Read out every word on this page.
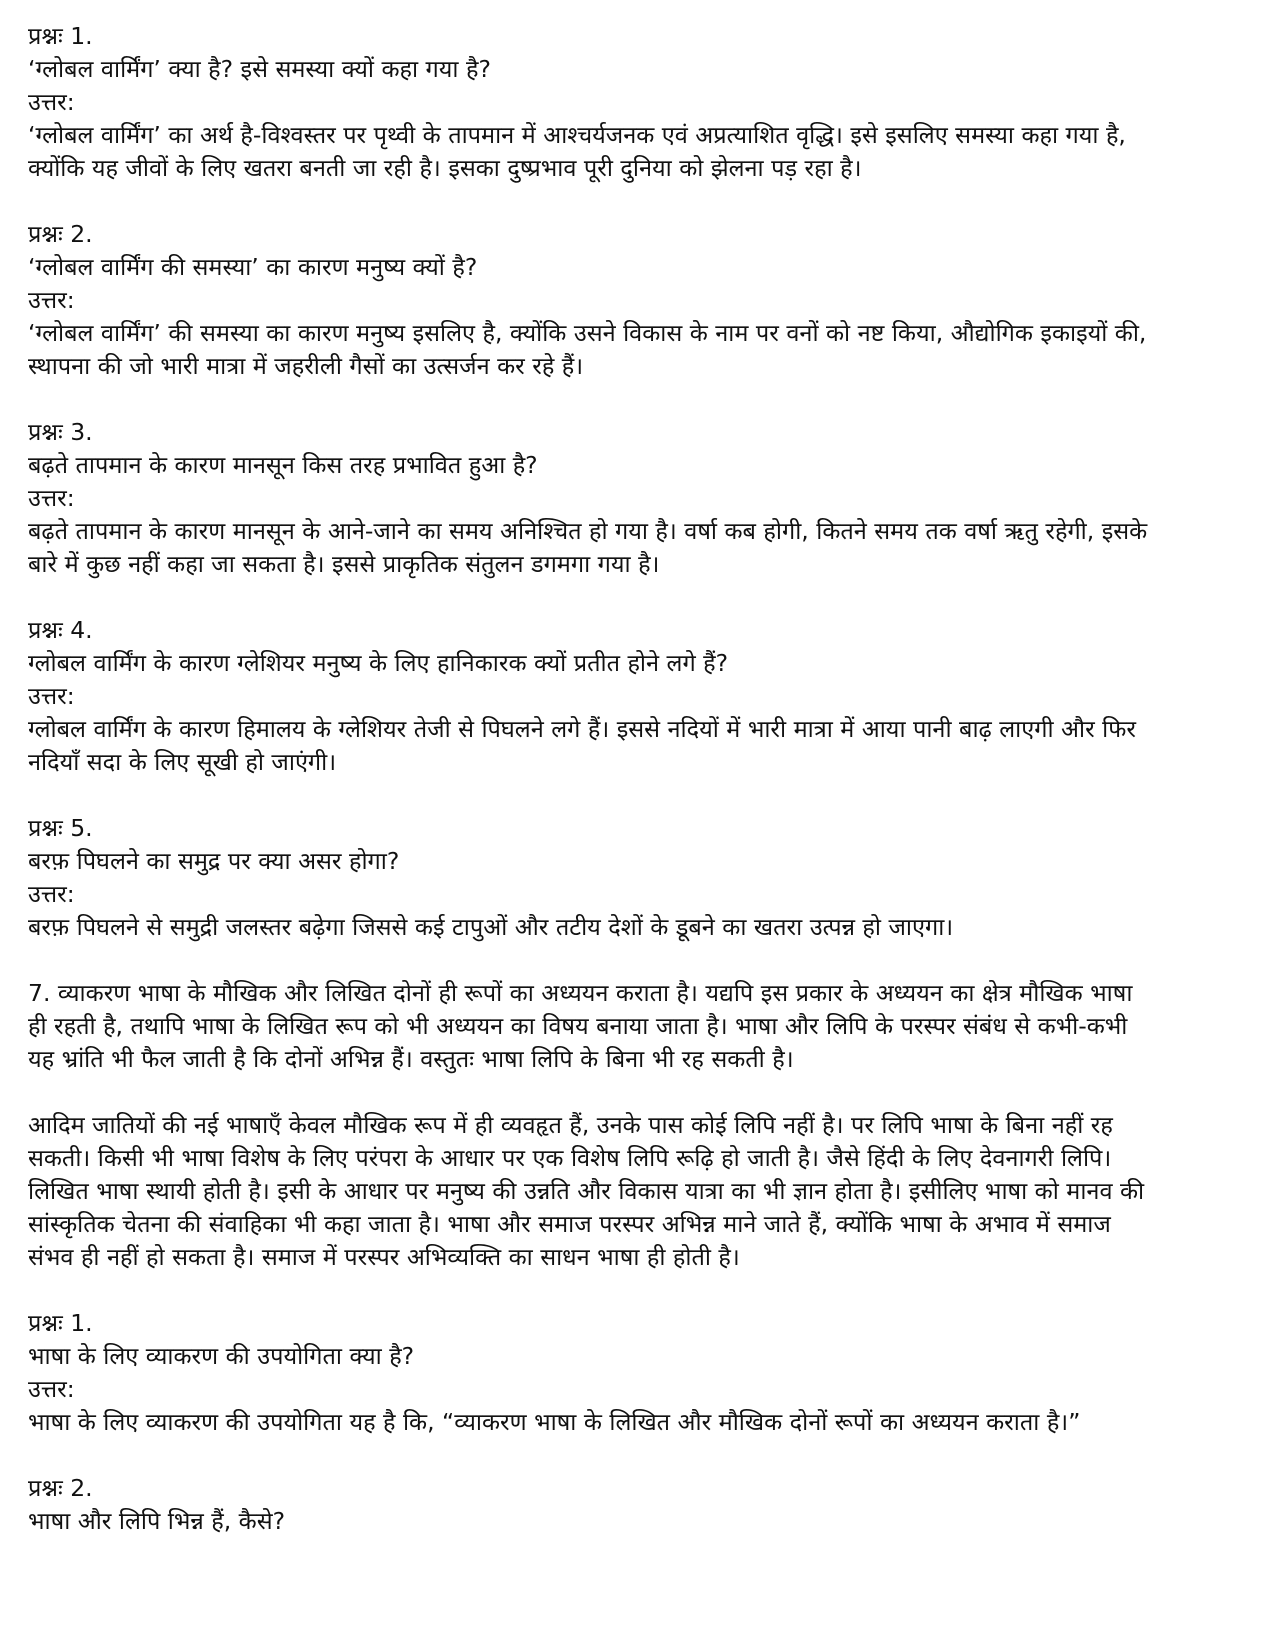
प्रश्नः 1.

‘ग्लोबल वार्मिंग’ क्या है? इसे समस्या क्यों कहा गया है?

उत्तर:

‘ग्लोबल वार्मिंग’ का अर्थ है-विश्वस्तर पर पृथ्वी के तापमान में आश्चर्यजनक एवं अप्रत्याशित वृद्धि। इसे इसलिए समस्या कहा गया है,

क्योंकि यह जीवों के लिए खतरा बनती जा रही है। इसका दुष्प्रभाव पूरी दुनिया को झेलना पड़ रहा है।

प्रश्नः 2.

‘ग्लोबल वार्मिंग की समस्या’ का कारण मनुष्य क्यों है?

उत्तर:

‘ग्लोबल वार्मिंग’ की समस्या का कारण मनुष्य इसलिए है, क्योंकि उसने विकास के नाम पर वनों को नष्ट किया, औद्योगिक इकाइयों की,

स्थापना की जो भारी मात्रा में जहरीली गैसों का उत्सर्जन कर रहे हैं।

प्रश्नः 3.

बढ़ते तापमान के कारण मानसून किस तरह प्रभावित हुआ है?

उत्तर:

बढ़ते तापमान के कारण मानसून के आने-जाने का समय अनिश्चित हो गया है। वर्षा कब होगी, कितने समय तक वर्षा ऋतु रहेगी, इसके

बारे में कुछ नहीं कहा जा सकता है। इससे प्राकृतिक संतुलन डगमगा गया है।

प्रश्नः 4.

ग्लोबल वार्मिंग के कारण ग्लेशियर मनुष्य के लिए हानिकारक क्यों प्रतीत होने लगे हैं?

उत्तर:

ग्लोबल वार्मिंग के कारण हिमालय के ग्लेशियर तेजी से पिघलने लगे हैं। इससे नदियों में भारी मात्रा में आया पानी बाढ़ लाएगी और फिर

नदियाँ सदा के लिए सूखी हो जाएंगी।

प्रश्नः 5.

बरफ़ पिघलने का समुद्र पर क्या असर होगा?

उत्तर:

बरफ़ पिघलने से समुद्री जलस्तर बढ़ेगा जिससे कई टापुओं और तटीय देशों के डूबने का खतरा उत्पन्न हो जाएगा।

7. व्याकरण भाषा के मौखिक और लिखित दोनों ही रूपों का अध्ययन कराता है। यद्यपि इस प्रकार के अध्ययन का क्षेत्र मौखिक भाषा

ही रहती है, तथापि भाषा के लिखित रूप को भी अध्ययन का विषय बनाया जाता है। भाषा और लिपि के परस्पर संबंध से कभी-कभी

यह भ्रांति भी फैल जाती है कि दोनों अभिन्न हैं। वस्तुतः भाषा लिपि के बिना भी रह सकती है।

आदिम जातियों की नई भाषाएँ केवल मौखिक रूप में ही व्यवहृत हैं, उनके पास कोई लिपि नहीं है। पर लिपि भाषा के बिना नहीं रह

सकती। किसी भी भाषा विशेष के लिए परंपरा के आधार पर एक विशेष लिपि रूढ़ि हो जाती है। जैसे हिंदी के लिए देवनागरी लिपि।

लिखित भाषा स्थायी होती है। इसी के आधार पर मनुष्य की उन्नति और विकास यात्रा का भी ज्ञान होता है। इसीलिए भाषा को मानव की

सांस्कृतिक चेतना की संवाहिका भी कहा जाता है। भाषा और समाज परस्पर अभिन्न माने जाते हैं, क्योंकि भाषा के अभाव में समाज

संभव ही नहीं हो सकता है। समाज में परस्पर अभिव्यक्ति का साधन भाषा ही होती है।

प्रश्नः 1.

भाषा के लिए व्याकरण की उपयोगिता क्या है?

उत्तर:

भाषा के लिए व्याकरण की उपयोगिता यह है कि, “व्याकरण भाषा के लिखित और मौखिक दोनों रूपों का अध्ययन कराता है।”

प्रश्नः 2.

भाषा और लिपि भिन्न हैं, कैसे?
